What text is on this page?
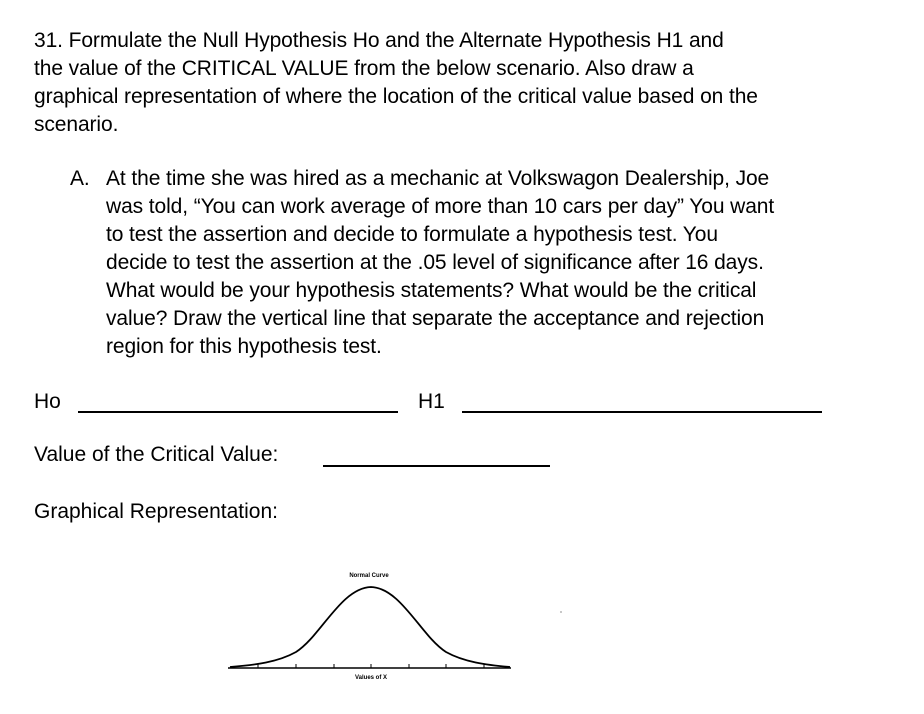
31. Formulate the Null Hypothesis Ho and the Alternate Hypothesis H1 and
the value of the CRITICAL VALUE from the below scenario. Also draw a
graphical representation of where the location of the critical value based on the
scenario.
A. At the time she was hired as a mechanic at Volkswagon Dealership, Joe
was told, “You can work average of more than 10 cars per day” You want
to test the assertion and decide to formulate a hypothesis test. You
decide to test the assertion at the .05 level of significance after 16 days.
What would be your hypothesis statements? What would be the critical
value? Draw the vertical line that separate the acceptance and rejection
region for this hypothesis test.
Ho	H1
Value of the Critical Value:
Graphical Representation:
Normal Curve
Values of X
